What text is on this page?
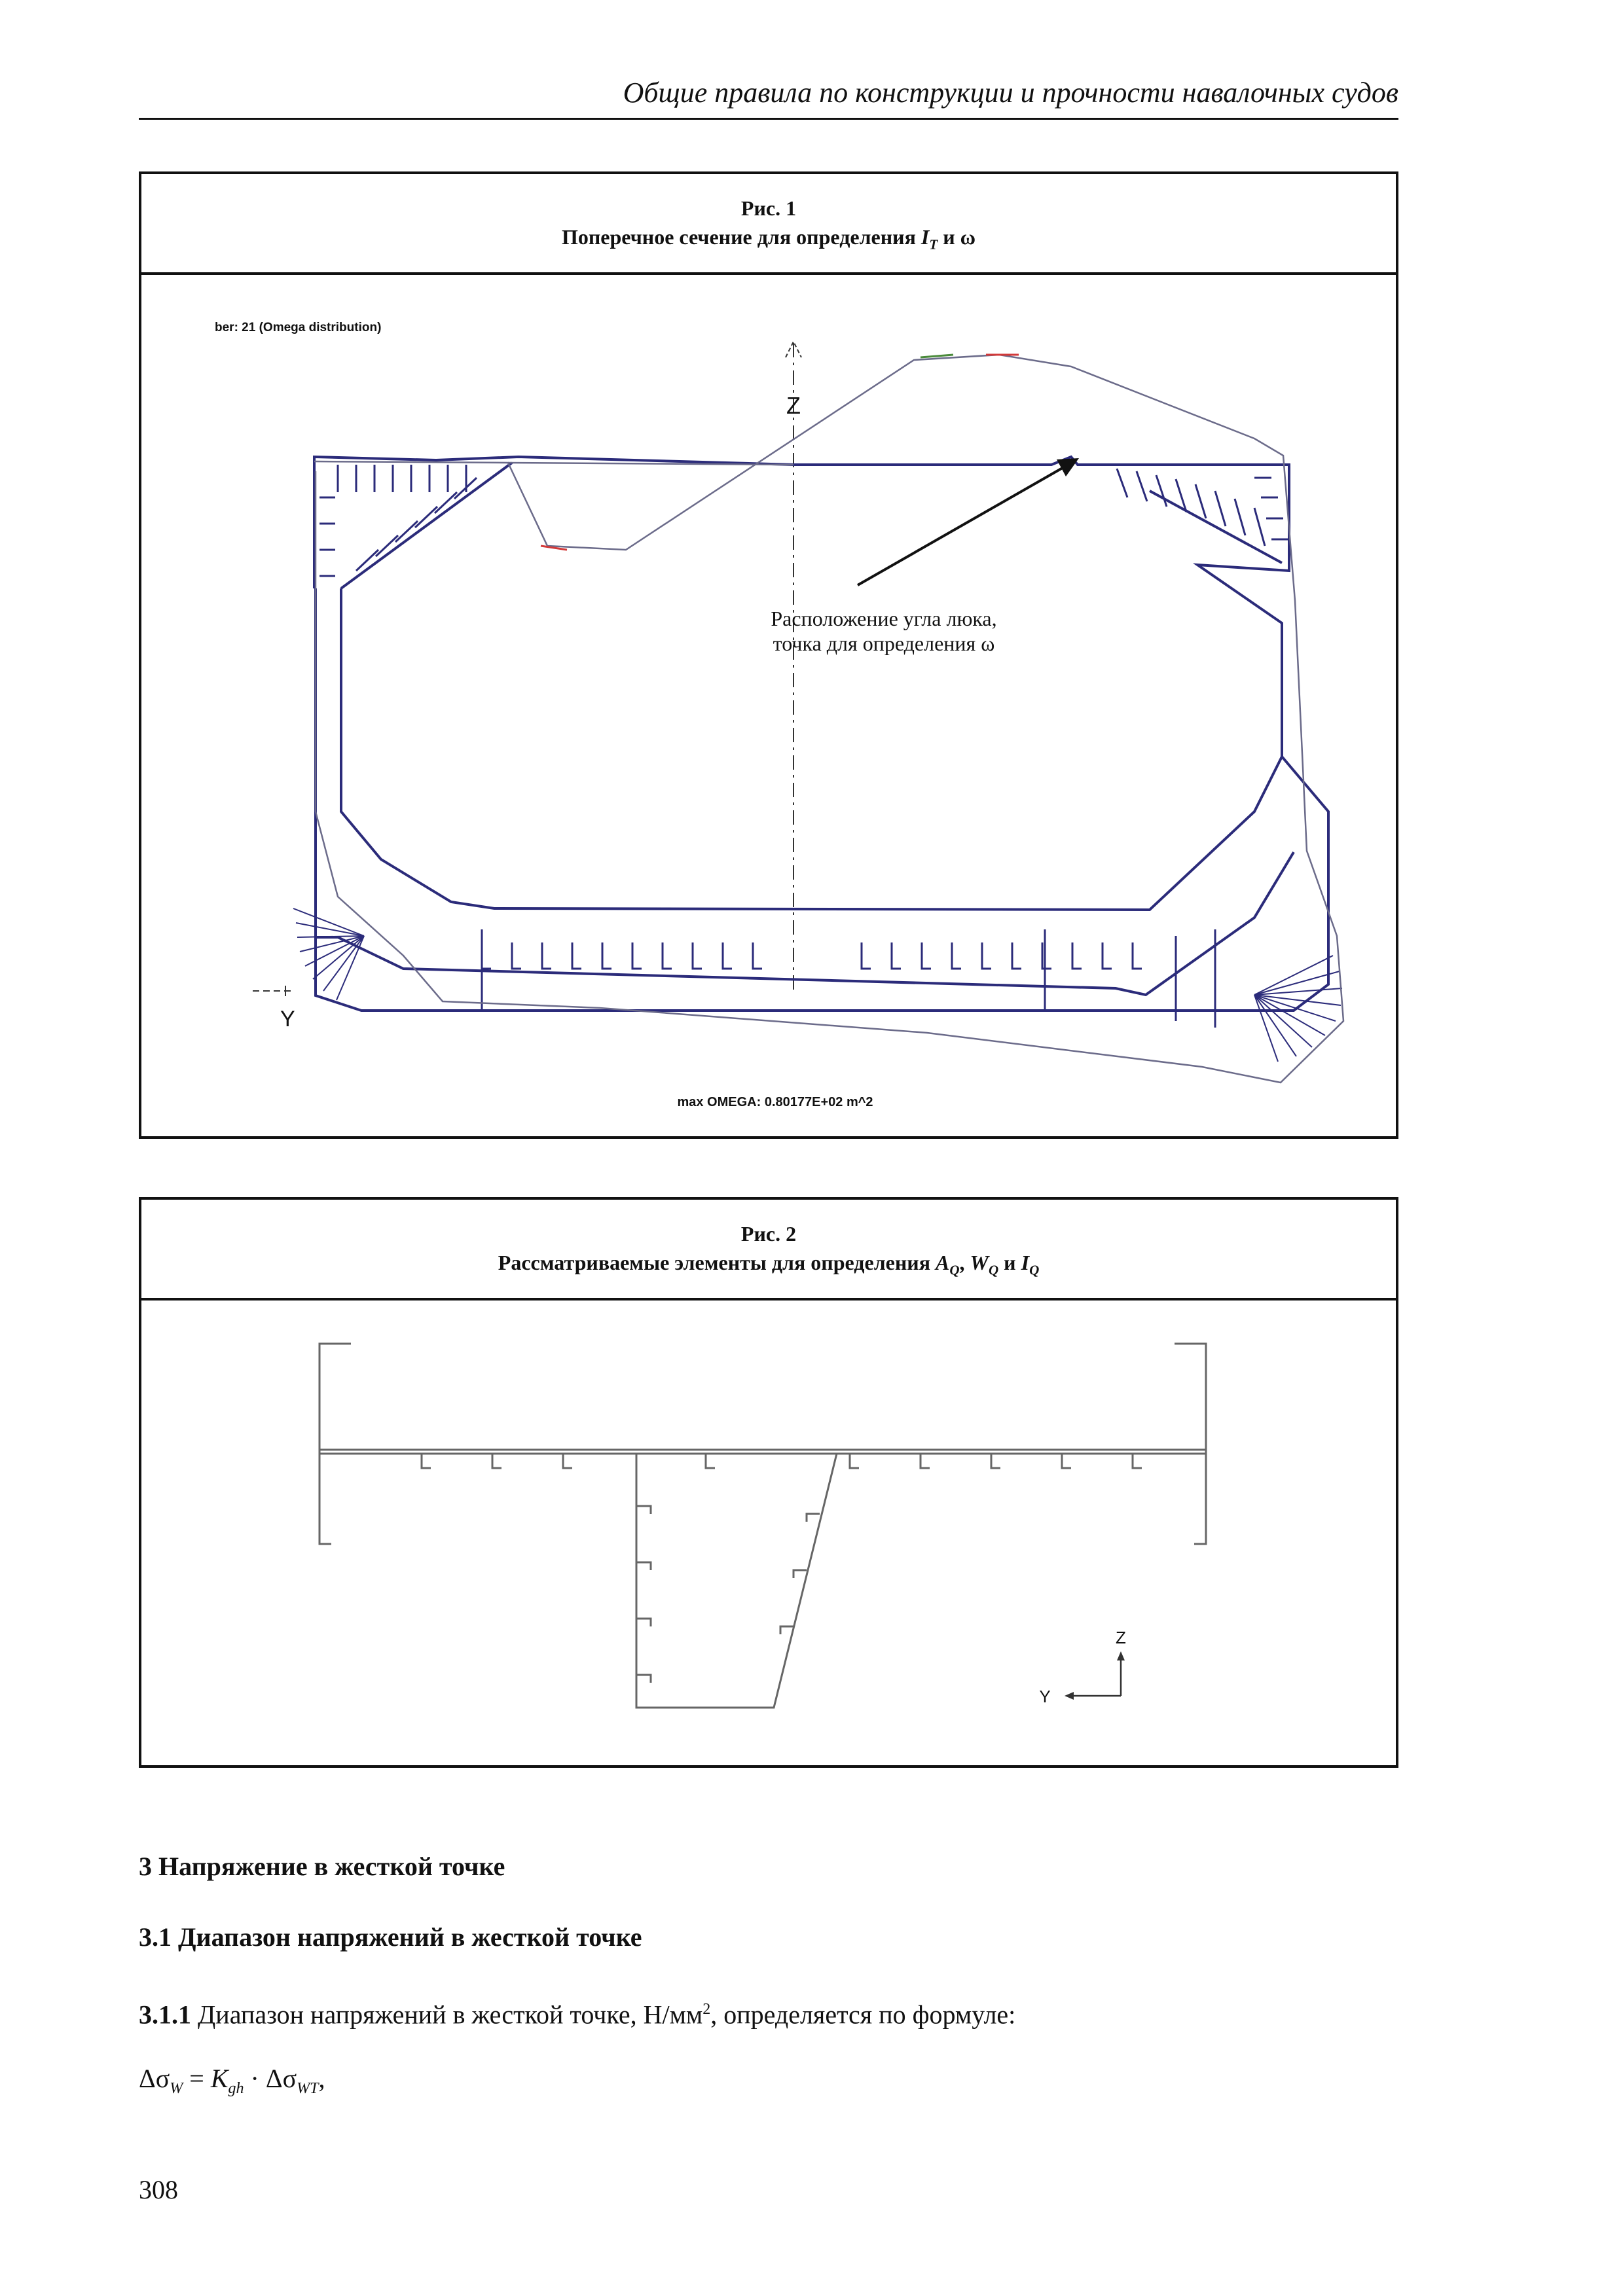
Общие правила по конструкции и прочности навалочных судов
Рис. 1
Поперечное сечение для определения $I_T$ и ω
ber: 21 (Omega distribution)
Z
Расположение угла люка,
точка для определения ω
Y
max OMEGA: 0.80177E+02 m^2
Рис. 2
Рассматриваемые элементы для определения $A_Q$, $W_Q$ и $I_Q$
Z
Y
3 Напряжение в жесткой точке
3.1 Диапазон напряжений в жесткой точке
3.1.1 Диапазон напряжений в жесткой точке, $Н/мм^2$, определяется по формуле:
$\Delta\sigma_W = K_{gh} \cdot \Delta\sigma_{WT}$,
308
